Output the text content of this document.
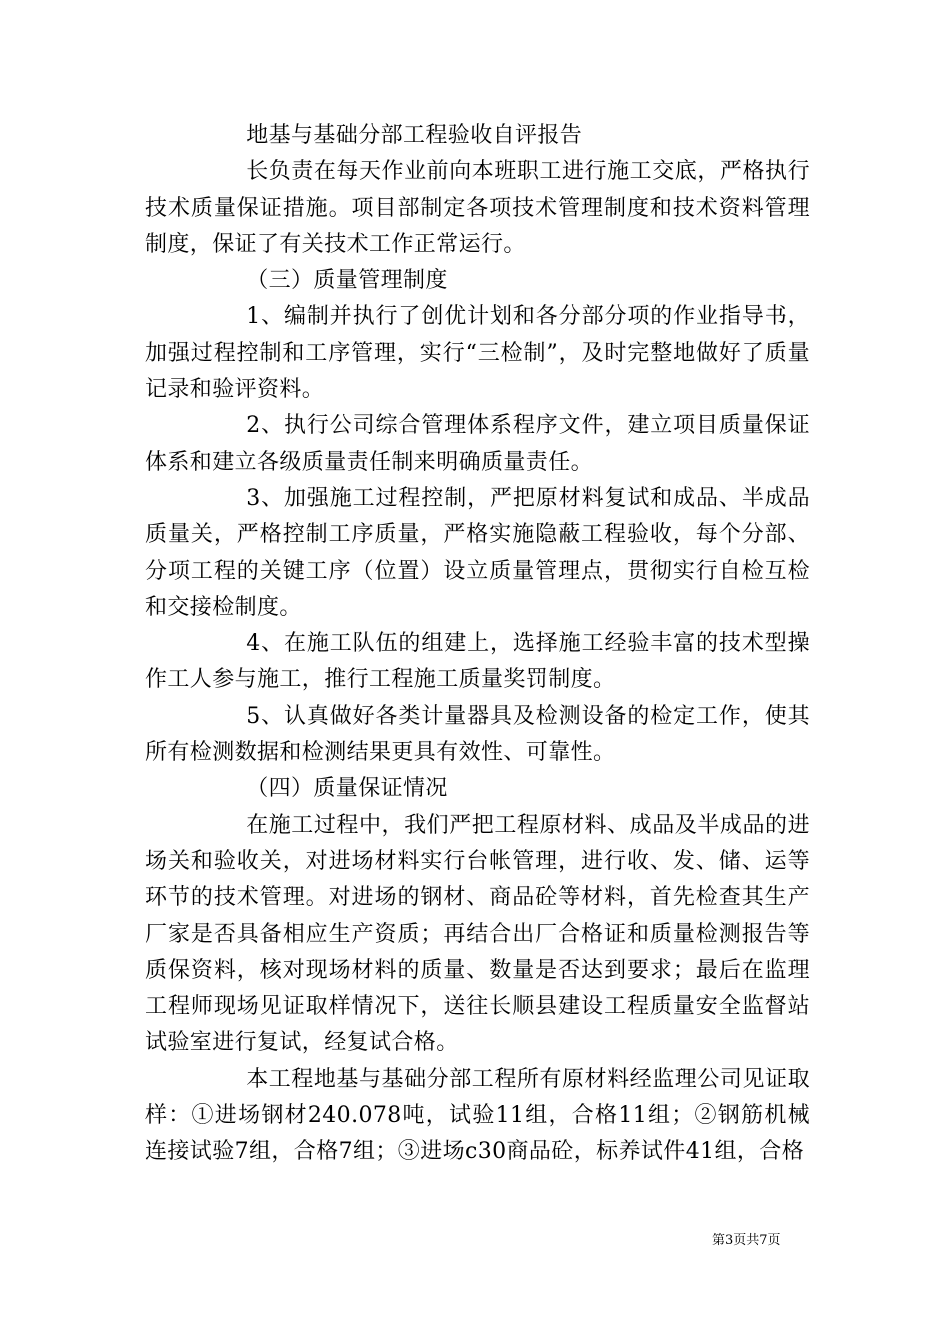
地基与基础分部工程验收自评报告

长负责在每天作业前向本班职工进行施工交底，严格执行技术质量保证措施。项目部制定各项技术管理制度和技术资料管理制度，保证了有关技术工作正常运行。

（三）质量管理制度

1、编制并执行了创优计划和各分部分项的作业指导书，加强过程控制和工序管理，实行“三检制”，及时完整地做好了质量记录和验评资料。

2、执行公司综合管理体系程序文件，建立项目质量保证体系和建立各级质量责任制来明确质量责任。

3、加强施工过程控制，严把原材料复试和成品、半成品质量关，严格控制工序质量，严格实施隐蔽工程验收，每个分部、分项工程的关键工序（位置）设立质量管理点，贯彻实行自检互检和交接检制度。

4、在施工队伍的组建上，选择施工经验丰富的技术型操作工人参与施工，推行工程施工质量奖罚制度。

5、认真做好各类计量器具及检测设备的检定工作，使其所有检测数据和检测结果更具有效性、可靠性。

（四）质量保证情况

在施工过程中，我们严把工程原材料、成品及半成品的进场关和验收关，对进场材料实行台帐管理，进行收、发、储、运等环节的技术管理。对进场的钢材、商品砼等材料，首先检查其生产厂家是否具备相应生产资质；再结合出厂合格证和质量检测报告等质保资料，核对现场材料的质量、数量是否达到要求；最后在监理工程师现场见证取样情况下，送往长顺县建设工程质量安全监督站试验室进行复试，经复试合格。

本工程地基与基础分部工程所有原材料经监理公司见证取样：①进场钢材240.078吨，试验11组，合格11组；②钢筋机械连接试验7组，合格7组；③进场c30商品砼，标养试件41组，合格

第3页共7页
